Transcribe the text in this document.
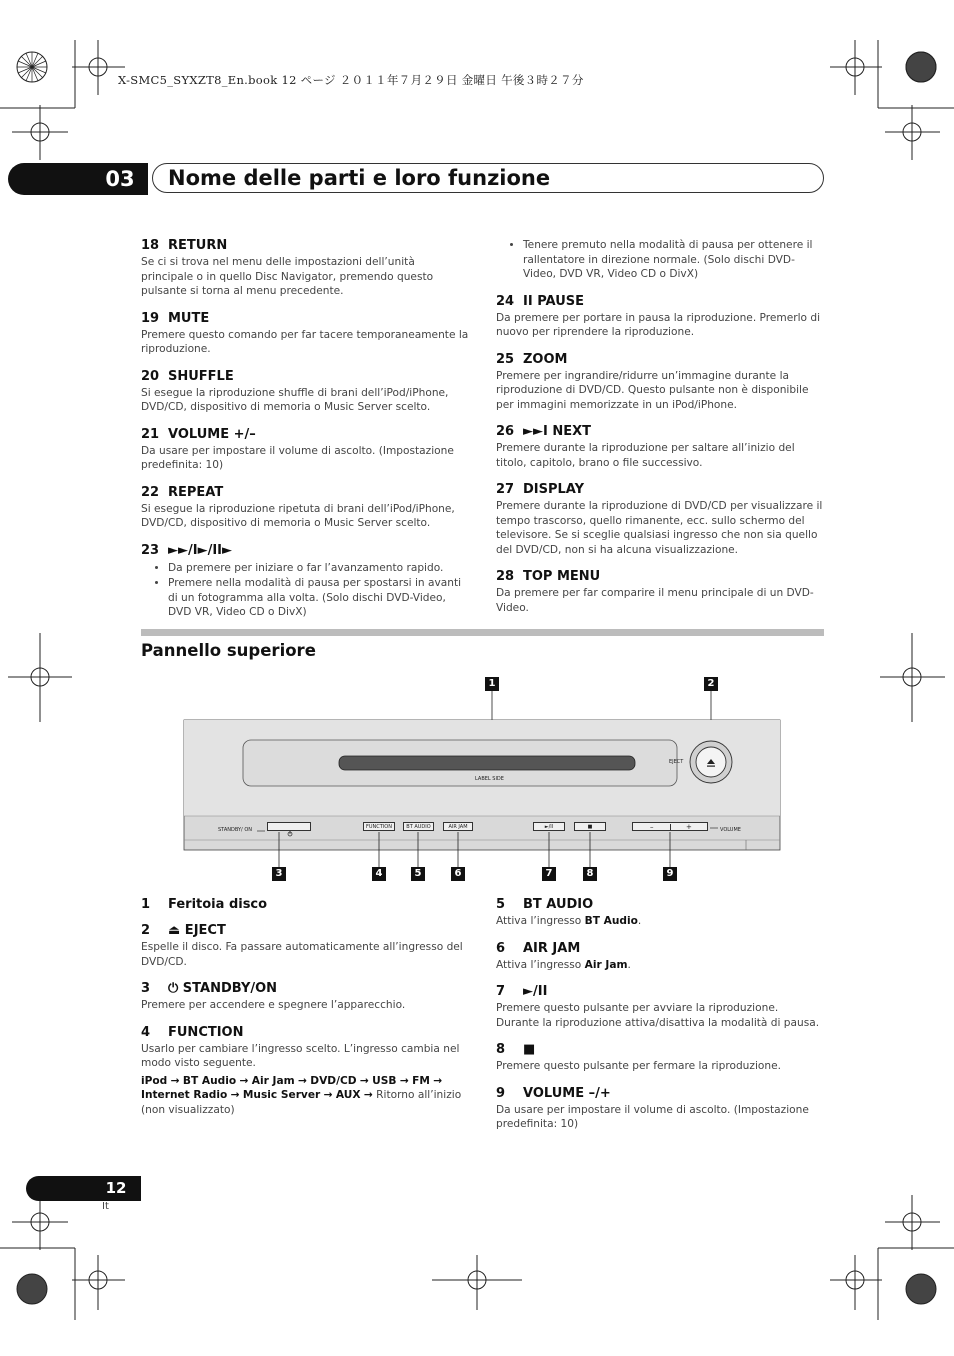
X-SMC5_SYXZT8_En.book 12 ページ ２０１１年７月２９日 金曜日 午後３時２７分
03 Nome delle parti e loro funzione
18 RETURN
Se ci si trova nel menu delle impostazioni dell’unità principale o in quello Disc Navigator, premendo questo pulsante si torna al menu precedente.
19 MUTE
Premere questo comando per far tacere temporaneamente la riproduzione.
20 SHUFFLE
Si esegue la riproduzione shuffle di brani dell’iPod/iPhone, DVD/CD, dispositivo di memoria o Music Server scelto.
21 VOLUME +/–
Da usare per impostare il volume di ascolto. (Impostazione predefinita: 10)
22 REPEAT
Si esegue la riproduzione ripetuta di brani dell’iPod/iPhone, DVD/CD, dispositivo di memoria o Music Server scelto.
23 ►►/I►/II►
• Da premere per iniziare o far l’avanzamento rapido.
• Premere nella modalità di pausa per spostarsi in avanti di un fotogramma alla volta. (Solo dischi DVD-Video, DVD VR, Video CD o DivX)
• Tenere premuto nella modalità di pausa per ottenere il rallentatore in direzione normale. (Solo dischi DVD-Video, DVD VR, Video CD o DivX)
24 II PAUSE
Da premere per portare in pausa la riproduzione. Premerlo di nuovo per riprendere la riproduzione.
25 ZOOM
Premere per ingrandire/ridurre un’immagine durante la riproduzione di DVD/CD. Questo pulsante non è disponibile per immagini memorizzate in un iPod/iPhone.
26 ►►I NEXT
Premere durante la riproduzione per saltare all’inizio del titolo, capitolo, brano o file successivo.
27 DISPLAY
Premere durante la riproduzione di DVD/CD per visualizzare il tempo trascorso, quello rimanente, ecc. sullo schermo del televisore. Se si sceglie qualsiasi ingresso che non sia quello del DVD/CD, non si ha alcuna visualizzazione.
28 TOP MENU
Da premere per far comparire il menu principale di un DVD-Video.
Pannello superiore
1	2
LABEL SIDE
EJECT
STANDBY/ ON	FUNCTION	BT AUDIO	AIR JAM	►/II	■	–	+	VOLUME
3	4	5	6	7	8	9
1 Feritoia disco
2 ⏏ EJECT
Espelle il disco. Fa passare automaticamente all’ingresso del DVD/CD.
3 ⏻ STANDBY/ON
Premere per accendere e spegnere l’apparecchio.
4 FUNCTION
Usarlo per cambiare l’ingresso scelto. L’ingresso cambia nel modo visto seguente.
iPod → BT Audio → Air Jam → DVD/CD → USB → FM → Internet Radio → Music Server → AUX → Ritorno all’inizio (non visualizzato)
5 BT AUDIO
Attiva l’ingresso BT Audio.
6 AIR JAM
Attiva l’ingresso Air Jam.
7 ►/II
Premere questo pulsante per avviare la riproduzione. Durante la riproduzione attiva/disattiva la modalità di pausa.
8 ■
Premere questo pulsante per fermare la riproduzione.
9 VOLUME –/+
Da usare per impostare il volume di ascolto. (Impostazione predefinita: 10)
12
It
